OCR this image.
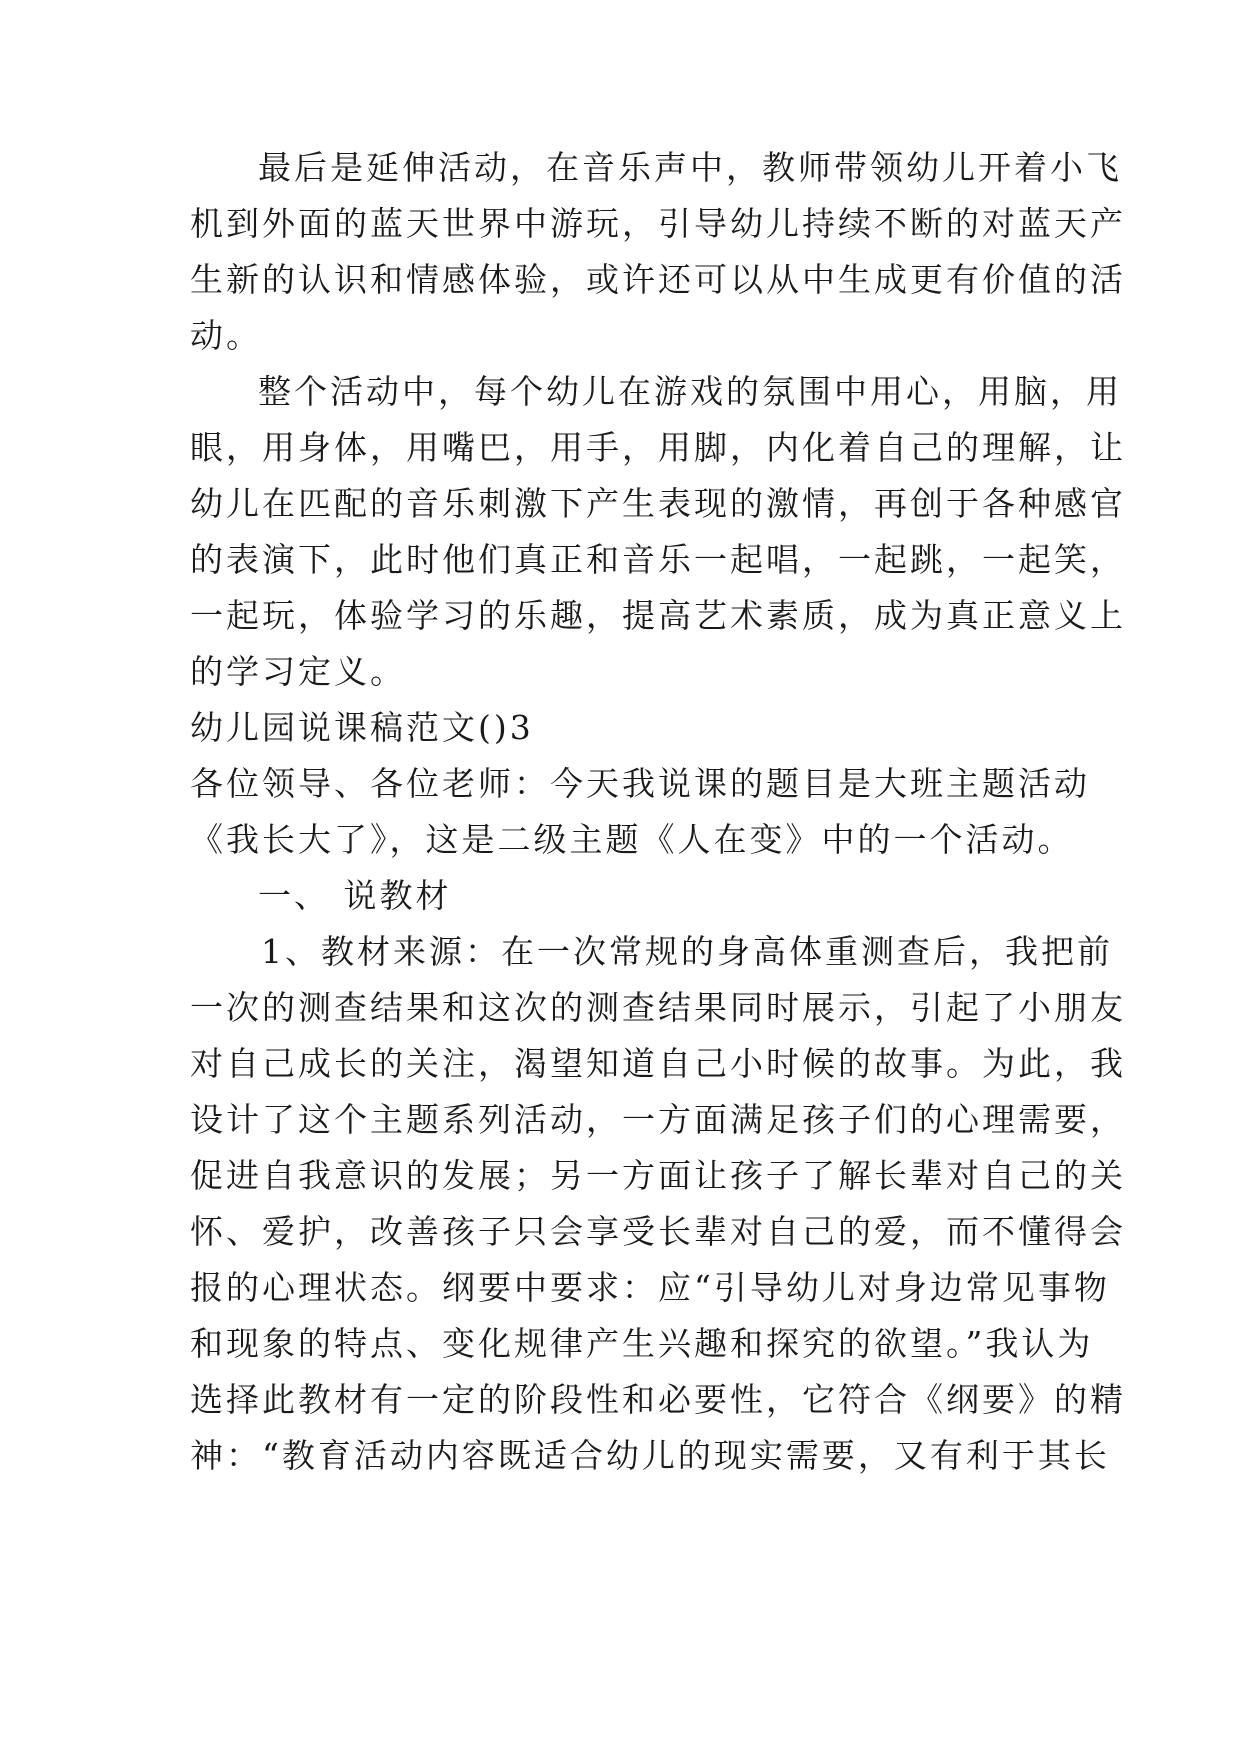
最后是延伸活动，在音乐声中，教师带领幼儿开着小飞
机到外面的蓝天世界中游玩，引导幼儿持续不断的对蓝天产
生新的认识和情感体验，或许还可以从中生成更有价值的活
动。
整个活动中，每个幼儿在游戏的氛围中用心，用脑，用
眼，用身体，用嘴巴，用手，用脚，内化着自己的理解，让
幼儿在匹配的音乐刺激下产生表现的激情，再创于各种感官
的表演下，此时他们真正和音乐一起唱，一起跳，一起笑，
一起玩，体验学习的乐趣，提高艺术素质，成为真正意义上
的学习定义。
幼儿园说课稿范文()3
各位领导、各位老师：今天我说课的题目是大班主题活动
《我长大了》，这是二级主题《人在变》中的一个活动。
一、 说教材
1、教材来源：在一次常规的身高体重测查后，我把前
一次的测查结果和这次的测查结果同时展示，引起了小朋友
对自己成长的关注，渴望知道自己小时候的故事。为此，我
设计了这个主题系列活动，一方面满足孩子们的心理需要，
促进自我意识的发展；另一方面让孩子了解长辈对自己的关
怀、爱护，改善孩子只会享受长辈对自己的爱，而不懂得会
报的心理状态。纲要中要求：应“引导幼儿对身边常见事物
和现象的特点、变化规律产生兴趣和探究的欲望。”我认为
选择此教材有一定的阶段性和必要性，它符合《纲要》的精
神：“教育活动内容既适合幼儿的现实需要，又有利于其长
